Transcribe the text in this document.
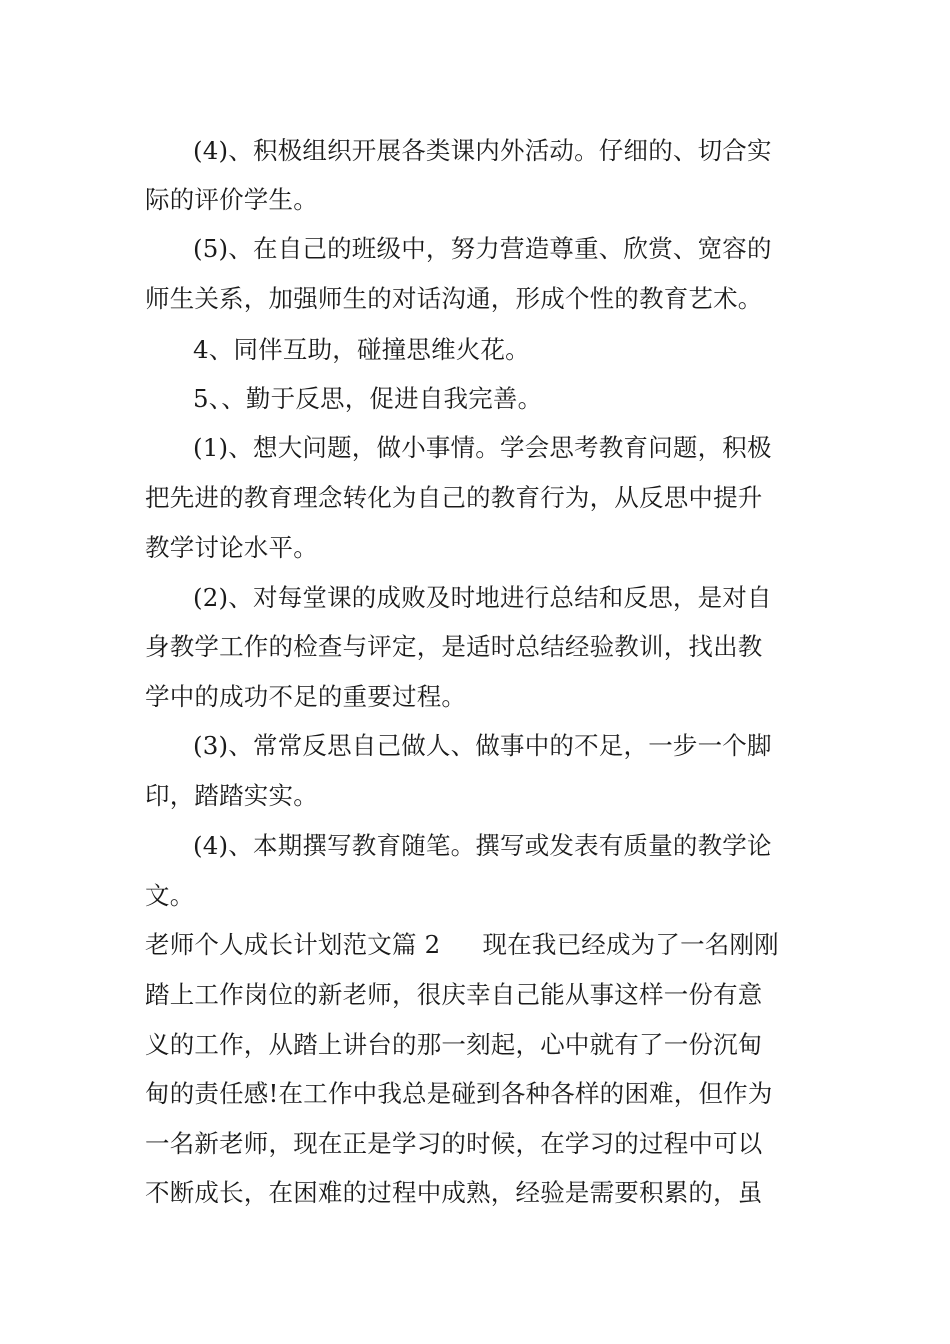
(4)、积极组织开展各类课内外活动。仔细的、切合实
际的评价学生。
(5)、在自己的班级中，努力营造尊重、欣赏、宽容的
师生关系，加强师生的对话沟通，形成个性的教育艺术。
4、同伴互助，碰撞思维火花。
5、、勤于反思，促进自我完善。
(1)、想大问题，做小事情。学会思考教育问题，积极
把先进的教育理念转化为自己的教育行为，从反思中提升
教学讨论水平。
(2)、对每堂课的成败及时地进行总结和反思，是对自
身教学工作的检查与评定，是适时总结经验教训，找出教
学中的成功不足的重要过程。
(3)、常常反思自己做人、做事中的不足，一步一个脚
印，踏踏实实。
(4)、本期撰写教育随笔。撰写或发表有质量的教学论
文。
老师个人成长计划范文篇 2 现在我已经成为了一名刚刚
踏上工作岗位的新老师，很庆幸自己能从事这样一份有意
义的工作，从踏上讲台的那一刻起，心中就有了一份沉甸
甸的责任感!在工作中我总是碰到各种各样的困难，但作为
一名新老师，现在正是学习的时候，在学习的过程中可以
不断成长，在困难的过程中成熟，经验是需要积累的，虽
